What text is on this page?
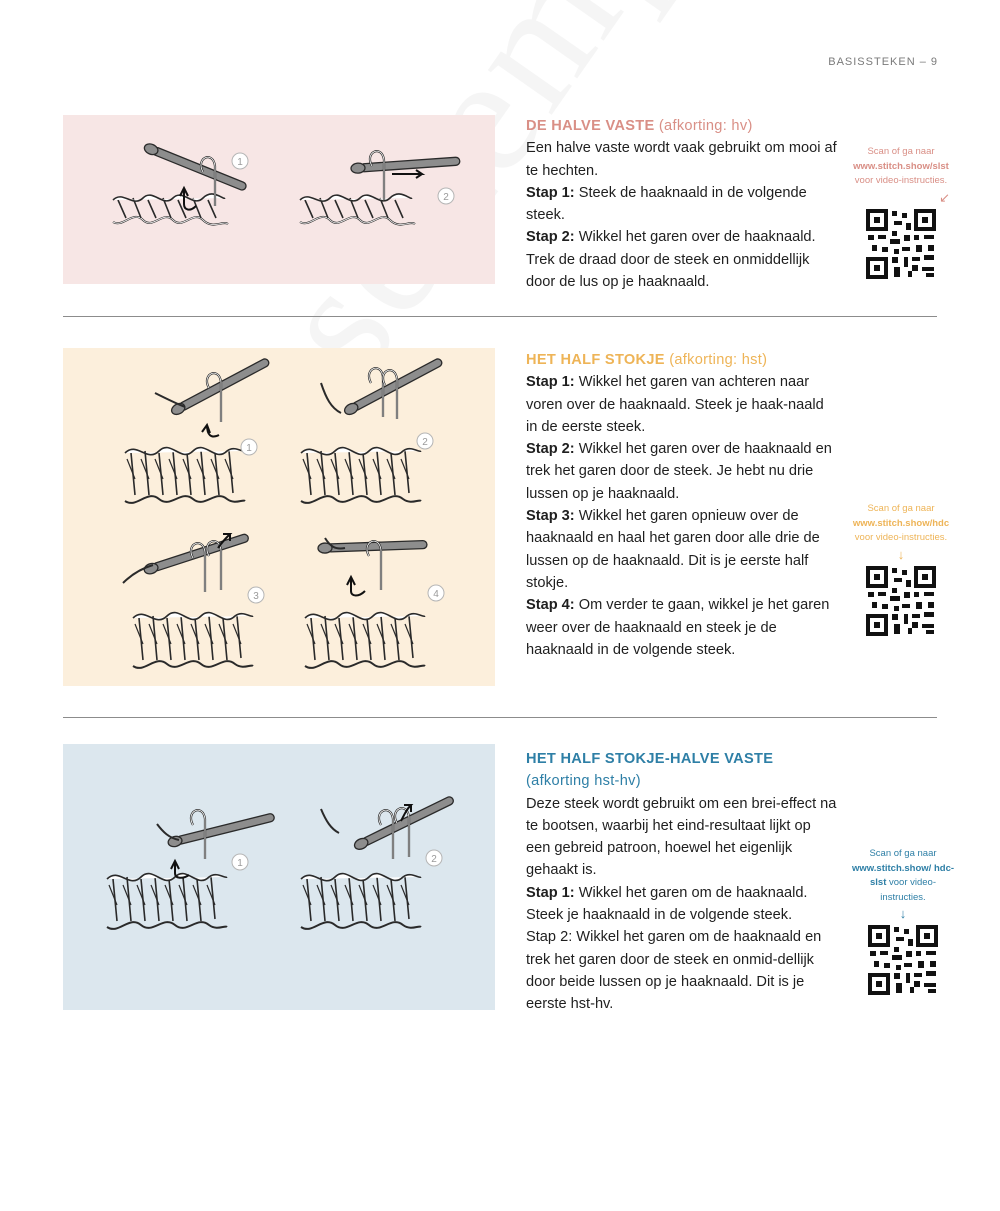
BASISSTEKEN – 9
1
2

DE HALVE VASTE (afkorting: hv)

Een halve vaste wordt vaak gebruikt om mooi af te hechten.

Stap 1: Steek de haaknaald in de volgende steek.

Stap 2: Wikkel het garen over de haaknaald. Trek de draad door de steek en onmiddellijk door de lus op je haaknaald.

Scan of ga naar

www.stitch.show/slst
voor video-instructies.
↙
1
2
3	4

HET HALF STOKJE (afkorting: hst)

Stap 1: Wikkel het garen van achteren naar voren over de haaknaald. Steek je haak-naald in de eerste steek.

Stap 2: Wikkel het garen over de haaknaald en trek het garen door de steek. Je hebt nu drie lussen op je haaknaald.

Stap 3: Wikkel het garen opnieuw over de haaknaald en haal het garen door alle drie de lussen op de haaknaald. Dit is je eerste half stokje.

Stap 4: Om verder te gaan, wikkel je het garen weer over de haaknaald en steek je de haaknaald in de volgende steek.

Scan of ga naar

www.stitch.show/hdc
voor video-instructies.
↓
1	2

HET HALF STOKJE-HALVE VASTE
(afkorting hst-hv)

Deze steek wordt gebruikt om een brei-effect na te bootsen, waarbij het eind-resultaat lijkt op een gebreid patroon, hoewel het eigenlijk gehaakt is.

Stap 1: Wikkel het garen om de haaknaald. Steek je haaknaald in de volgende steek.

Stap 2: Wikkel het garen om de haaknaald en trek het garen door de steek en onmid-dellijk door beide lussen op je haaknaald. Dit is je eerste hst-hv.

Scan of ga naar
www.stitch.show/ hdc-slst voor video-instructies.
↓
